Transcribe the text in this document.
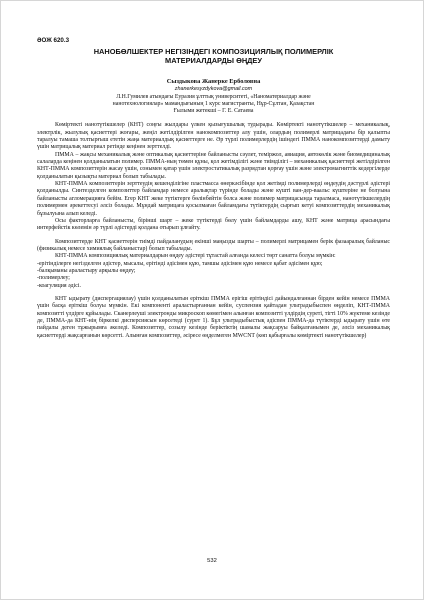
ӘОЖ 620.3

НАНОБӨЛШЕКТЕР НЕГІЗІНДЕГІ КОМПОЗИЦИЯЛЫҚ ПОЛИМЕРЛІК МАТЕРИАЛДАРДЫ ӨҢДЕУ

Сыздыкова Жанерке Ерболовна

zhanerkesyzdykova@gmail.com

Л.Н.Гумилев атындағы Еуразия ұлттық университеті, «Наноматериалдар және

нанотехнологиялар» мамандығының 1 курс магистранты, Нұр-Сұлтан, Қазақстан

Ғылыми жетекші – Г. Е. Сатаева

Көміртекті нанотүтікшелер (КНТ) соңғы жылдары үлкен қызығушылық тудырады. Көміртекті нанотүтікшелер – механикалық, электрлік, жылулық қасиеттері жоғары, жеңіл жетілдірілген нанокомпозиттер алу үшін, олардың полимерлі матрицадағы бір қалыпты таралуы тамаша толтырғыш ететін жаңа материалдық қасиеттерге не. Әр түрлі полимерлердің ішіндегі ПММА нанокомпозиттерді дамыту үшін матрицалық материал ретінде кеңінен зерттелді.

ПММА – жақсы механикалық және оптикалық қасиеттеріне байланысты сәулет, теміржол, авиация, автокөлік және биомедициналық салаларда кеңінен қолданылатын полимер. ПММА-ның төмен құны, қол жетімділігі және тиімділігі – механикалық қасиеттері жетілдірілген КНТ-ПММА композиттерін жасау үшін, сонымен қатар үшін электростатикалық разрядтан қорғау үшін және электромагниттік кедергілерде қолданылатын қызықты материал болып табылады.

КНТ-ПММА композиттерін зерттеудің кешенділігіне пластмасса өнеркәсібінде қол жетімді полимерлерді өңдеудің дәстүрлі әдістері қолданылды. Синтезделген композиттер байламдар немесе аралықтар түрінде болады және күшті ван-дер-ваальс күштеріне не болуына байланысты агломерацияға бейім. Егер КНТ жеке түтіктерге бөлінбейтін болса және полимер матрицасында таралмаса, нанотүтікшелердің полимермен әрекеттесуі әлсіз болады. Мұндай матрицаға қосылмаған байламдағы түтіктердің сырғып кетуі композиттердің механикалық бұзылуына алып келеді.

Осы факторларға байланысты, бірінші шарт – жеке түтіктерді бөлу үшін байламдарды ашу, КНТ және матрица арасындағы интерфейстік көлемін әр түрлі әдістерді қолдана отырып ұлғайту.

Композиттерде КНТ қасиеттерін тиімді пайдаланудың екінші маңызды шарты – полимерлі матрицамен берік фазааралық байланыс (физикалық немесе химиялық байланыстар) болып табылады.

КНТ-ПММА композициялық материалдарын өңдеу әдістері тұтастай алғанда келесі төрт санатта болуы мүмкін:

-ерітінділерге негізделген әдістер, мысалы, ерітінді әдісімен құю, тамшы әдісімен құю немесе қабат әдісімен құю;

-балқыманы араластыру арқылы өңдеу;

-полимерлеу;

-коагуляция әдісі.

КНТ ыдырату (диспергациялау) үшін қолданылатын еріткіш ПММА ерігіш ерітіндісі дайындалғаннан бірден кейін немесе ПММА үшін басқа еріткіш болуы мүмкін. Екі компоненті араластырғаннан кейін, суспензия қайтадан ультрадыбыспен өңделіп, КНТ-ПММА композитті үлдірге құйылады. Сканерлеуші электронды микроскоп көмегімен алынған композитті үлдірдің суреті, тігті 10% жүктеме кезінде де, ПММА-да КНТ-нің біркелкі дисперсиясын көрсетеді (сурет 1). Бұл ультрадыбыстық әдіспен ПММА-да түтіктерді ыдырату үшін өте пайдалы деген тұжырымға әкеледі. Композиттер, созылу кезінде беріктіктің шамалы жақсаруы байқалғанымен де, әлсіз механикалық қасиеттерді жақсарғанын көрсетті. Алынған композиттер, әсіресе өңделмеген MWCNT (көп қабырғалы көміртекті нанотүтікшелер)

532
